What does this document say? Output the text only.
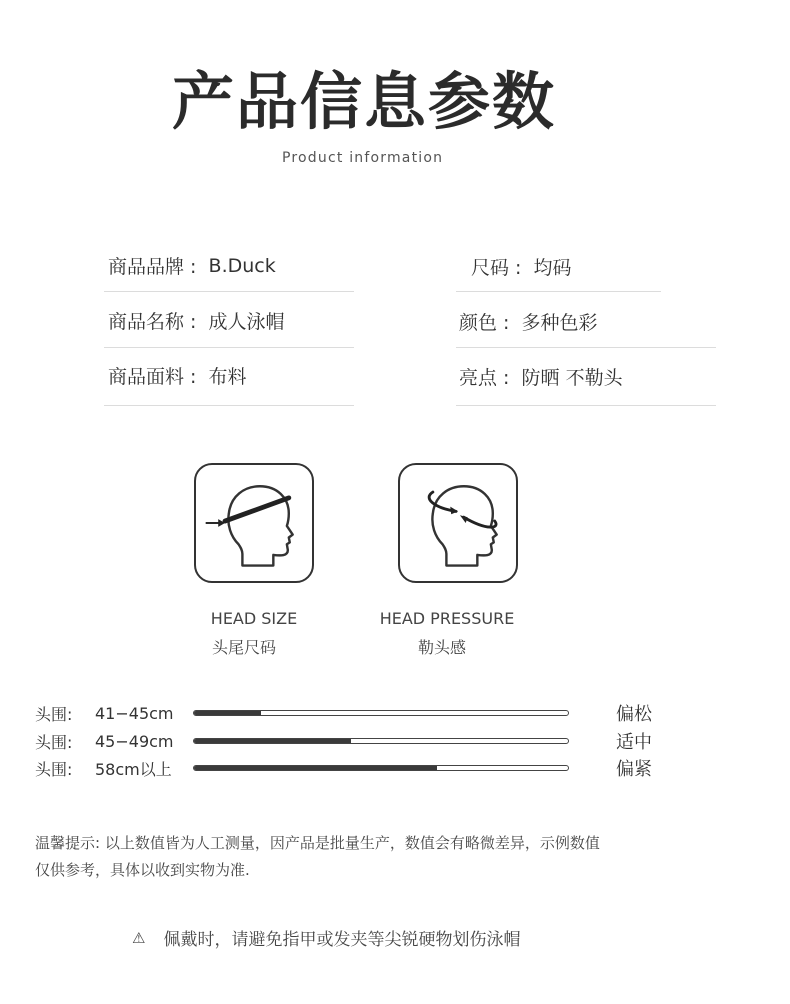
产品信息参数
Product information
商品品牌 : B.Duck
商品名称 : 成人泳帽
商品面料 : 布料
尺码 : 均码
颜色 : 多种色彩
亮点 : 防晒 不勒头
HEAD SIZE
头尾尺码
HEAD PRESSURE
勒头感
头围:	41−45cm	偏松
头围:	45−49cm	适中
头围:	58cm以上	偏紧
温馨提示: 以上数值皆为人工测量，因产品是批量生产，数值会有略微差异，示例数值
仅供参考，具体以收到实物为准.
⚠ 佩戴时，请避免指甲或发夹等尖锐硬物划伤泳帽
